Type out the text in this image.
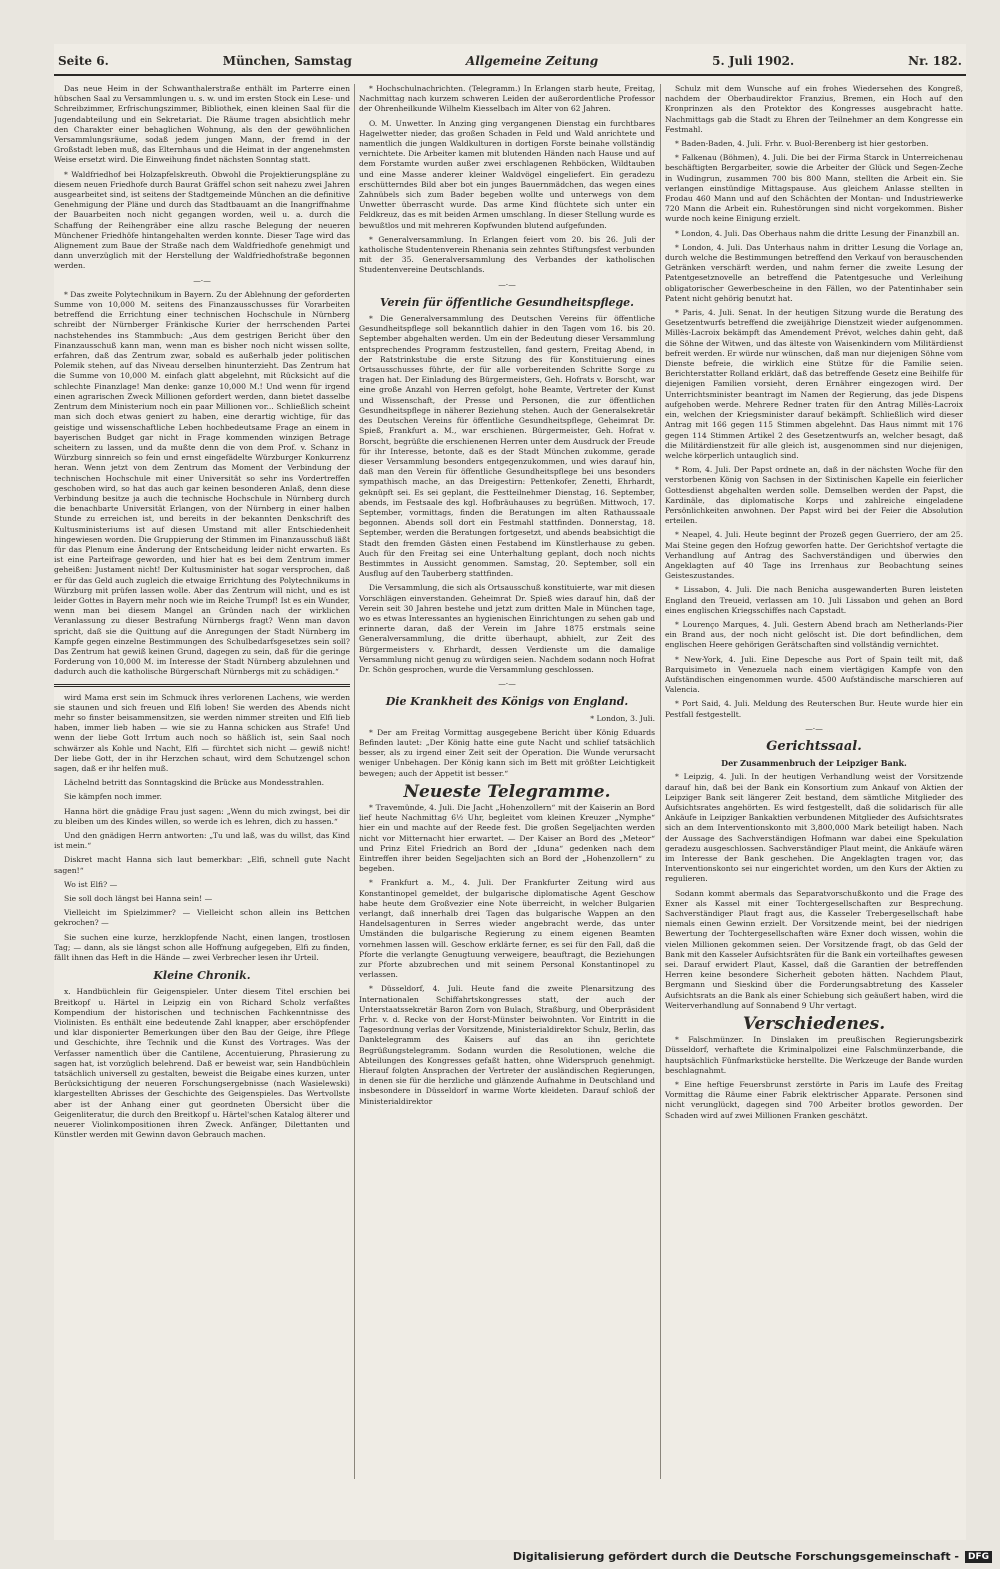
Seite 6.	München, Samstag	Allgemeine Zeitung	5. Juli 1902.	Nr. 182.

Das neue Heim in der Schwanthalerstraße enthält im Parterre einen hübschen Saal zu Versammlungen u. s. w. und im ersten Stock ein Lese- und Schreibzimmer, Erfrischungszimmer, Bibliothek, einen kleinen Saal für die Jugendabteilung und ein Sekretariat. Die Räume tragen absichtlich mehr den Charakter einer behaglichen Wohnung, als den der gewöhnlichen Versammlungsräume, sodaß jedem jungen Mann, der fremd in der Großstadt leben muß, das Elternhaus und die Heimat in der angenehmsten Weise ersetzt wird. Die Einweihung findet nächsten Sonntag statt.

* Waldfriedhof bei Holzapfelskreuth. Obwohl die Projektierungspläne zu diesem neuen Friedhofe durch Baurat Gräffel schon seit nahezu zwei Jahren ausgearbeitet sind, ist seitens der Stadtgemeinde München an die definitive Genehmigung der Pläne und durch das Stadtbauamt an die Inangriffnahme der Bauarbeiten noch nicht gegangen worden, weil u. a. durch die Schaffung der Reihengräber eine allzu rasche Belegung der neueren Münchener Friedhöfe hintangehalten werden konnte. Dieser Tage wird das Alignement zum Baue der Straße nach dem Waldfriedhofe genehmigt und dann unverzüglich mit der Herstellung der Waldfriedhofstraße begonnen werden.

—·—

* Das zweite Polytechnikum in Bayern. Zu der Ablehnung der geforderten Summe von 10,000 M. seitens des Finanzausschusses für Vorarbeiten betreffend die Errichtung einer technischen Hochschule in Nürnberg schreibt der Nürnberger Fränkische Kurier der herrschenden Partei nachstehendes ins Stammbuch: „Aus dem gestrigen Bericht über den Finanzausschuß kann man, wenn man es bisher noch nicht wissen sollte, erfahren, daß das Zentrum zwar, sobald es außerhalb jeder politischen Polemik stehen, auf das Niveau derselben hinunterzieht. Das Zentrum hat die Summe von 10,000 M. einfach glatt abgelehnt, mit Rücksicht auf die schlechte Finanzlage! Man denke: ganze 10,000 M.! Und wenn für irgend einen agrarischen Zweck Millionen gefordert werden, dann bietet dasselbe Zentrum dem Ministerium noch ein paar Millionen vor... Schließlich scheint man sich doch etwas geniert zu haben, eine derartig wichtige, für das geistige und wissenschaftliche Leben hochbedeutsame Frage an einem in bayerischen Budget gar nicht in Frage kommenden winzigen Betrage scheitern zu lassen, und da mußte denn die von dem Prof. v. Schanz in Würzburg sinnreich so fein und ernst eingefädelte Würzburger Konkurrenz heran. Wenn jetzt von dem Zentrum das Moment der Verbindung der technischen Hochschule mit einer Universität so sehr ins Vordertreffen geschoben wird, so hat das auch gar keinen besonderen Anlaß, denn diese Verbindung besitze ja auch die technische Hochschule in Nürnberg durch die benachbarte Universität Erlangen, von der Nürnberg in einer halben Stunde zu erreichen ist, und bereits in der bekannten Denkschrift des Kultusministeriums ist auf diesen Umstand mit aller Entschiedenheit hingewiesen worden. Die Gruppierung der Stimmen im Finanzausschuß läßt für das Plenum eine Änderung der Entscheidung leider nicht erwarten. Es ist eine Parteifrage geworden, und hier hat es bei dem Zentrum immer geheißen: Justament nicht! Der Kultusminister hat sogar versprochen, daß er für das Geld auch zugleich die etwaige Errichtung des Polytechnikums in Würzburg mit prüfen lassen wolle. Aber das Zentrum will nicht, und es ist leider Gottes in Bayern mehr noch wie im Reiche Trumpf! Ist es ein Wunder, wenn man bei diesem Mangel an Gründen nach der wirklichen Veranlassung zu dieser Bestrafung Nürnbergs fragt? Wenn man davon spricht, daß sie die Quittung auf die Anregungen der Stadt Nürnberg im Kampfe gegen einzelne Bestimmungen des Schulbedarfsgesetzes sein soll? Das Zentrum hat gewiß keinen Grund, dagegen zu sein, daß für die geringe Forderung von 10,000 M. im Interesse der Stadt Nürnberg abzulehnen und dadurch auch die katholische Bürgerschaft Nürnbergs mit zu schädigen.“

wird Mama erst sein im Schmuck ihres verlorenen Lachens, wie werden sie staunen und sich freuen und Elfi loben! Sie werden des Abends nicht mehr so finster beisammensitzen, sie werden nimmer streiten und Elfi lieb haben, immer lieb haben — wie sie zu Hanna schicken aus Strafe! Und wenn der liebe Gott Irrtum auch noch so häßlich ist, sein Saal noch schwärzer als Kohle und Nacht, Elfi — fürchtet sich nicht — gewiß nicht! Der liebe Gott, der in ihr Herzchen schaut, wird dem Schutzengel schon sagen, daß er ihr helfen muß.

Lächelnd betritt das Sonntagskind die Brücke aus Mondesstrahlen.

Sie kämpfen noch immer.

Hanna hört die gnädige Frau just sagen: „Wenn du mich zwingst, bei dir zu bleiben um des Kindes willen, so werde ich es lehren, dich zu hassen.“

Und den gnädigen Herrn antworten: „Tu und laß, was du willst, das Kind ist mein.“

Diskret macht Hanna sich laut bemerkbar: „Elfi, schnell gute Nacht sagen!“

Wo ist Elfi? —

Sie soll doch längst bei Hanna sein! —

Vielleicht im Spielzimmer? — Vielleicht schon allein ins Bettchen gekrochen? —

Sie suchen eine kurze, herzklopfende Nacht, einen langen, trostlosen Tag; — dann, als sie längst schon alle Hoffnung aufgegeben, Elfi zu finden, fällt ihnen das Heft in die Hände — zwei Verbrecher lesen ihr Urteil.

Kleine Chronik.

x. Handbüchlein für Geigenspieler. Unter diesem Titel erschien bei Breitkopf u. Härtel in Leipzig ein von Richard Scholz verfaßtes Kompendium der historischen und technischen Fachkenntnisse des Violinisten. Es enthält eine bedeutende Zahl knapper, aber erschöpfender und klar disponierter Bemerkungen über den Bau der Geige, ihre Pflege und Geschichte, ihre Technik und die Kunst des Vortrages. Was der Verfasser namentlich über die Cantilene, Accentuierung, Phrasierung zu sagen hat, ist vorzüglich belehrend. Daß er beweist war, sein Handbüchlein tatsächlich universell zu gestalten, beweist die Beigabe eines kurzen, unter Berücksichtigung der neueren Forschungsergebnisse (nach Wasielewski) klargestellten Abrisses der Geschichte des Geigenspieles. Das Wertvollste aber ist der Anhang einer gut geordneten Übersicht über die Geigenliteratur, die durch den Breitkopf u. Härtel'schen Katalog älterer und neuerer Violinkompositionen ihren Zweck. Anfänger, Dilettanten und Künstler werden mit Gewinn davon Gebrauch machen.

* Hochschulnachrichten. (Telegramm.) In Erlangen starb heute, Freitag, Nachmittag nach kurzem schweren Leiden der außerordentliche Professor der Ohrenheilkunde Wilhelm Kiesselbach im Alter von 62 Jahren.

O. M. Unwetter. In Anzing ging vergangenen Dienstag ein furchtbares Hagelwetter nieder, das großen Schaden in Feld und Wald anrichtete und namentlich die jungen Waldkulturen in dortigen Forste beinahe vollständig vernichtete. Die Arbeiter kamen mit blutenden Händen nach Hause und auf dem Forstamte wurden außer zwei erschlagenen Rehböcken, Wildtauben und eine Masse anderer kleiner Waldvögel eingeliefert. Ein geradezu erschütterndes Bild aber bot ein junges Bauernmädchen, das wegen eines Zahnübels sich zum Bader begeben wollte und unterwegs von dem Unwetter überrascht wurde. Das arme Kind flüchtete sich unter ein Feldkreuz, das es mit beiden Armen umschlang. In dieser Stellung wurde es bewußtlos und mit mehreren Kopfwunden blutend aufgefunden.

* Generalversammlung. In Erlangen feiert vom 20. bis 26. Juli der katholische Studentenverein Rhenania sein zehntes Stiftungsfest verbunden mit der 35. Generalversammlung des Verbandes der katholischen Studentenvereine Deutschlands.

—·—
Verein für öffentliche Gesundheitspflege.

* Die Generalversammlung des Deutschen Vereins für öffentliche Gesundheitspflege soll bekanntlich dahier in den Tagen vom 16. bis 20. September abgehalten werden. Um ein der Bedeutung dieser Versammlung entsprechendes Programm festzustellen, fand gestern, Freitag Abend, in der Ratstrinkstube die erste Sitzung des für Konstituierung eines Ortsausschusses führte, der für alle vorbereitenden Schritte Sorge zu tragen hat. Der Einladung des Bürgermeisters, Geh. Hofrats v. Borscht, war eine große Anzahl von Herren gefolgt, hohe Beamte, Vertreter der Kunst und Wissenschaft, der Presse und Personen, die zur öffentlichen Gesundheitspflege in näherer Beziehung stehen. Auch der Generalsekretär des Deutschen Vereins für öffentliche Gesundheitspflege, Geheimrat Dr. Spieß, Frankfurt a. M., war erschienen. Bürgermeister, Geh. Hofrat v. Borscht, begrüßte die erschienenen Herren unter dem Ausdruck der Freude für ihr Interesse, betonte, daß es der Stadt München zukomme, gerade dieser Versammlung besonders entgegenzukommen, und wies darauf hin, daß man den Verein für öffentliche Gesundheitspflege bei uns besonders sympathisch mache, an das Dreigestirn: Pettenkofer, Zenetti, Ehrhardt, geknüpft sei. Es sei geplant, die Festteilnehmer Dienstag, 16. September, abends, im Festsaale des kgl. Hofbräuhauses zu begrüßen. Mittwoch, 17. September, vormittags, finden die Beratungen im alten Rathaussaale begonnen. Abends soll dort ein Festmahl stattfinden. Donnerstag, 18. September, werden die Beratungen fortgesetzt, und abends beabsichtigt die Stadt den fremden Gästen einen Festabend im Künstlerhause zu geben. Auch für den Freitag sei eine Unterhaltung geplant, doch noch nichts Bestimmtes in Aussicht genommen. Samstag, 20. September, soll ein Ausflug auf den Tauberberg stattfinden.

Die Versammlung, die sich als Ortsausschuß konstituierte, war mit diesen Vorschlägen einverstanden. Geheimrat Dr. Spieß wies darauf hin, daß der Verein seit 30 Jahren bestehe und jetzt zum dritten Male in München tage, wo es etwas Interessantes an hygienischen Einrichtungen zu sehen gab und erinnerte daran, daß der Verein im Jahre 1875 erstmals seine Generalversammlung, die dritte überhaupt, abhielt, zur Zeit des Bürgermeisters v. Ehrhardt, dessen Verdienste um die damalige Versammlung nicht genug zu würdigen seien. Nachdem sodann noch Hofrat Dr. Schön gesprochen, wurde die Versammlung geschlossen.

—·—
Die Krankheit des Königs von England.

* London, 3. Juli.

* Der am Freitag Vormittag ausgegebene Bericht über König Eduards Befinden lautet: „Der König hatte eine gute Nacht und schlief tatsächlich besser, als zu irgend einer Zeit seit der Operation. Die Wunde verursacht weniger Unbehagen. Der König kann sich im Bett mit größter Leichtigkeit bewegen; auch der Appetit ist besser.“

Neueste Telegramme.

* Travemünde, 4. Juli. Die Jacht „Hohenzollern“ mit der Kaiserin an Bord lief heute Nachmittag 6½ Uhr, begleitet vom kleinen Kreuzer „Nymphe“ hier ein und machte auf der Reede fest. Die großen Segeljachten werden nicht vor Mitternacht hier erwartet. — Der Kaiser an Bord des „Meteor“ und Prinz Eitel Friedrich an Bord der „Iduna“ gedenken nach dem Eintreffen ihrer beiden Segeljachten sich an Bord der „Hohenzollern“ zu begeben.

* Frankfurt a. M., 4. Juli. Der Frankfurter Zeitung wird aus Konstantinopel gemeldet, der bulgarische diplomatische Agent Geschow habe heute dem Großvezier eine Note überreicht, in welcher Bulgarien verlangt, daß innerhalb drei Tagen das bulgarische Wappen an den Handelsagenturen in Serres wieder angebracht werde, das unter Umständen die bulgarische Regierung zu einem eigenen Beamten vornehmen lassen will. Geschow erklärte ferner, es sei für den Fall, daß die Pforte die verlangte Genugtuung verweigere, beauftragt, die Beziehungen zur Pforte abzubrechen und mit seinem Personal Konstantinopel zu verlassen.

* Düsseldorf, 4. Juli. Heute fand die zweite Plenarsitzung des Internationalen Schiffahrtskongresses statt, der auch der Unterstaatssekretär Baron Zorn von Bulach, Straßburg, und Oberpräsident Frhr. v. d. Recke von der Horst-Münster beiwohnten. Vor Eintritt in die Tagesordnung verlas der Vorsitzende, Ministerialdirektor Schulz, Berlin, das Danktelegramm des Kaisers auf das an ihn gerichtete Begrüßungstelegramm. Sodann wurden die Resolutionen, welche die Abteilungen des Kongresses gefaßt hatten, ohne Widerspruch genehmigt. Hierauf folgten Ansprachen der Vertreter der ausländischen Regierungen, in denen sie für die herzliche und glänzende Aufnahme in Deutschland und insbesondere in Düsseldorf in warme Worte kleideten. Darauf schloß der Ministerialdirektor

Schulz mit dem Wunsche auf ein frohes Wiedersehen des Kongreß, nachdem der Oberbaudirektor Franzius, Bremen, ein Hoch auf den Kronprinzen als den Protektor des Kongresses ausgebracht hatte. Nachmittags gab die Stadt zu Ehren der Teilnehmer an dem Kongresse ein Festmahl.

* Baden-Baden, 4. Juli. Frhr. v. Buol-Berenberg ist hier gestorben.

* Falkenau (Böhmen), 4. Juli. Die bei der Firma Starck in Unterreichenau beschäftigten Bergarbeiter, sowie die Arbeiter der Glück und Segen-Zeche in Wudingrun, zusammen 700 bis 800 Mann, stellten die Arbeit ein. Sie verlangen einstündige Mittagspause. Aus gleichem Anlasse stellten in Frodau 460 Mann und auf den Schächten der Montan- und Industriewerke 720 Mann die Arbeit ein. Ruhestörungen sind nicht vorgekommen. Bisher wurde noch keine Einigung erzielt.

* London, 4. Juli. Das Oberhaus nahm die dritte Lesung der Finanzbill an.

* London, 4. Juli. Das Unterhaus nahm in dritter Lesung die Vorlage an, durch welche die Bestimmungen betreffend den Verkauf von berauschenden Getränken verschärft werden, und nahm ferner die zweite Lesung der Patentgesetznovelle an betreffend die Patentgesuche und Verleihung obligatorischer Gewerbescheine in den Fällen, wo der Patentinhaber sein Patent nicht gehörig benutzt hat.

* Paris, 4. Juli. Senat. In der heutigen Sitzung wurde die Beratung des Gesetzentwurfs betreffend die zweijährige Dienstzeit wieder aufgenommen. Millès-Lacroix bekämpft das Amendement Prévot, welches dahin geht, daß die Söhne der Witwen, und das älteste von Waisenkindern vom Militärdienst befreit werden. Er würde nur wünschen, daß man nur diejenigen Söhne vom Dienste befreie, die wirklich eine Stütze für die Familie seien. Berichterstatter Rolland erklärt, daß das betreffende Gesetz eine Beihilfe für diejenigen Familien vorsieht, deren Ernährer eingezogen wird. Der Unterrichtsminister beantragt im Namen der Regierung, das jede Dispens aufgehoben werde. Mehrere Redner traten für den Antrag Millès-Lacroix ein, welchen der Kriegsminister darauf bekämpft. Schließlich wird dieser Antrag mit 166 gegen 115 Stimmen abgelehnt. Das Haus nimmt mit 176 gegen 114 Stimmen Artikel 2 des Gesetzentwurfs an, welcher besagt, daß die Militärdienstzeit für alle gleich ist, ausgenommen sind nur diejenigen, welche körperlich untauglich sind.

* Rom, 4. Juli. Der Papst ordnete an, daß in der nächsten Woche für den verstorbenen König von Sachsen in der Sixtinischen Kapelle ein feierlicher Gottesdienst abgehalten werden solle. Demselben werden der Papst, die Kardinäle, das diplomatische Korps und zahlreiche eingeladene Persönlichkeiten anwohnen. Der Papst wird bei der Feier die Absolution erteilen.

* Neapel, 4. Juli. Heute beginnt der Prozeß gegen Guerriero, der am 25. Mai Steine gegen den Hofzug geworfen hatte. Der Gerichtshof vertagte die Verhandlung auf Antrag des Sachverständigen und überwies den Angeklagten auf 40 Tage ins Irrenhaus zur Beobachtung seines Geisteszustandes.

* Lissabon, 4. Juli. Die nach Benicha ausgewanderten Buren leisteten England den Treueid, verlassen am 10. Juli Lissabon und gehen an Bord eines englischen Kriegsschiffes nach Capstadt.

* Lourenço Marques, 4. Juli. Gestern Abend brach am Netherlands-Pier ein Brand aus, der noch nicht gelöscht ist. Die dort befindlichen, dem englischen Heere gehörigen Gerätschaften sind vollständig vernichtet.

* New-York, 4. Juli. Eine Depesche aus Port of Spain teilt mit, daß Barquisimeto in Venezuela nach einem viertägigen Kampfe von den Aufständischen eingenommen wurde. 4500 Aufständische marschieren auf Valencia.

* Port Said, 4. Juli. Meldung des Reuterschen Bur. Heute wurde hier ein Pestfall festgestellt.

—·—
Gerichtssaal.
Der Zusammenbruch der Leipziger Bank.

* Leipzig, 4. Juli. In der heutigen Verhandlung weist der Vorsitzende darauf hin, daß bei der Bank ein Konsortium zum Ankauf von Aktien der Leipziger Bank seit längerer Zeit bestand, dem sämtliche Mitglieder des Aufsichtsrates angehörten. Es wird festgestellt, daß die solidarisch für alle Ankäufe in Leipziger Bankaktien verbundenen Mitglieder des Aufsichtsrates sich an dem Interventionskonto mit 3,800,000 Mark beteiligt haben. Nach der Aussage des Sachverständigen Hofmann war dabei eine Spekulation geradezu ausgeschlossen. Sachverständiger Plaut meint, die Ankäufe wären im Interesse der Bank geschehen. Die Angeklagten tragen vor, das Interventionskonto sei nur eingerichtet worden, um den Kurs der Aktien zu regulieren.

Sodann kommt abermals das Separatvorschußkonto und die Frage des Exner als Kassel mit einer Tochtergesellschaften zur Besprechung. Sachverständiger Plaut fragt aus, die Kasseler Trebergesellschaft habe niemals einen Gewinn erzielt. Der Vorsitzende meint, bei der niedrigen Bewertung der Tochtergesellschaften wäre Exner doch wissen, wohin die vielen Millionen gekommen seien. Der Vorsitzende fragt, ob das Geld der Bank mit den Kasseler Aufsichtsräten für die Bank ein vorteilhaftes gewesen sei. Darauf erwidert Plaut, Kassel, daß die Garantien der betreffenden Herren keine besondere Sicherheit geboten hätten. Nachdem Plaut, Bergmann und Sieskind über die Forderungsabtretung des Kasseler Aufsichtsrats an die Bank als einer Schiebung sich geäußert haben, wird die Weiterverhandlung auf Sonnabend 9 Uhr vertagt.

Verschiedenes.

* Falschmünzer. In Dinslaken im preußischen Regierungsbezirk Düsseldorf, verhaftete die Kriminalpolizei eine Falschmünzerbande, die hauptsächlich Fünfmarkstücke herstellte. Die Werkzeuge der Bande wurden beschlagnahmt.

* Eine heftige Feuersbrunst zerstörte in Paris im Laufe des Freitag Vormittag die Räume einer Fabrik elektrischer Apparate. Personen sind nicht verunglückt, dagegen sind 700 Arbeiter brotlos geworden. Der Schaden wird auf zwei Millionen Franken geschätzt.

Digitalisierung gefördert durch die Deutsche Forschungsgemeinschaft -	DFG
